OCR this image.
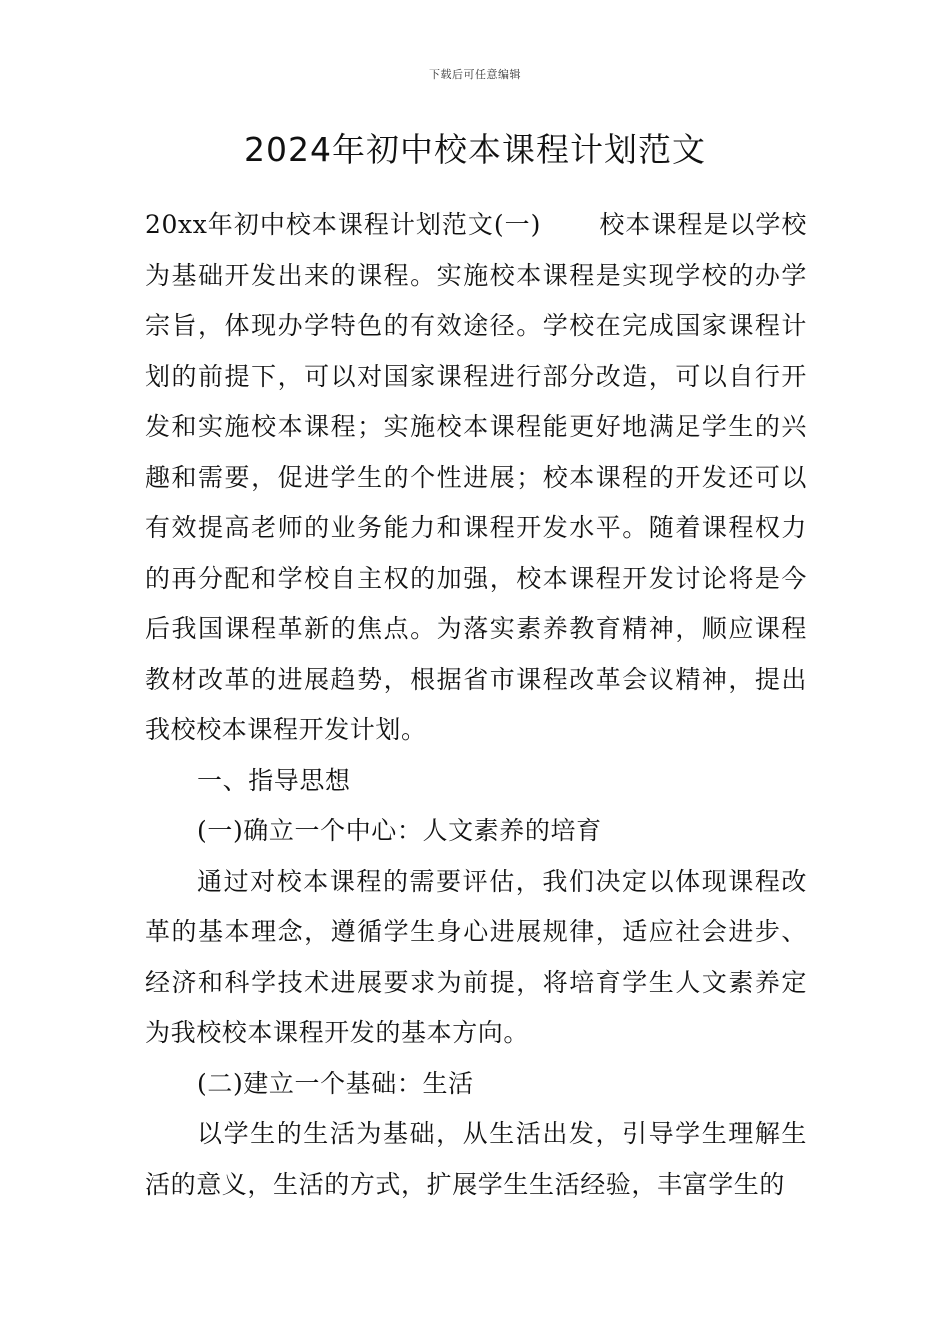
下载后可任意编辑
2024年初中校本课程计划范文

20xx年初中校本课程计划范文(一) 校本课程是以学校为基础开发出来的课程。实施校本课程是实现学校的办学宗旨，体现办学特色的有效途径。学校在完成国家课程计划的前提下，可以对国家课程进行部分改造，可以自行开发和实施校本课程；实施校本课程能更好地满足学生的兴趣和需要，促进学生的个性进展；校本课程的开发还可以有效提高老师的业务能力和课程开发水平。随着课程权力的再分配和学校自主权的加强，校本课程开发讨论将是今后我国课程革新的焦点。为落实素养教育精神，顺应课程教材改革的进展趋势，根据省市课程改革会议精神，提出我校校本课程开发计划。

一、指导思想

(一)确立一个中心：人文素养的培育

通过对校本课程的需要评估，我们决定以体现课程改革的基本理念，遵循学生身心进展规律，适应社会进步、经济和科学技术进展要求为前提，将培育学生人文素养定为我校校本课程开发的基本方向。

(二)建立一个基础：生活

以学生的生活为基础，从生活出发，引导学生理解生活的意义，生活的方式，扩展学生生活经验，丰富学生的
